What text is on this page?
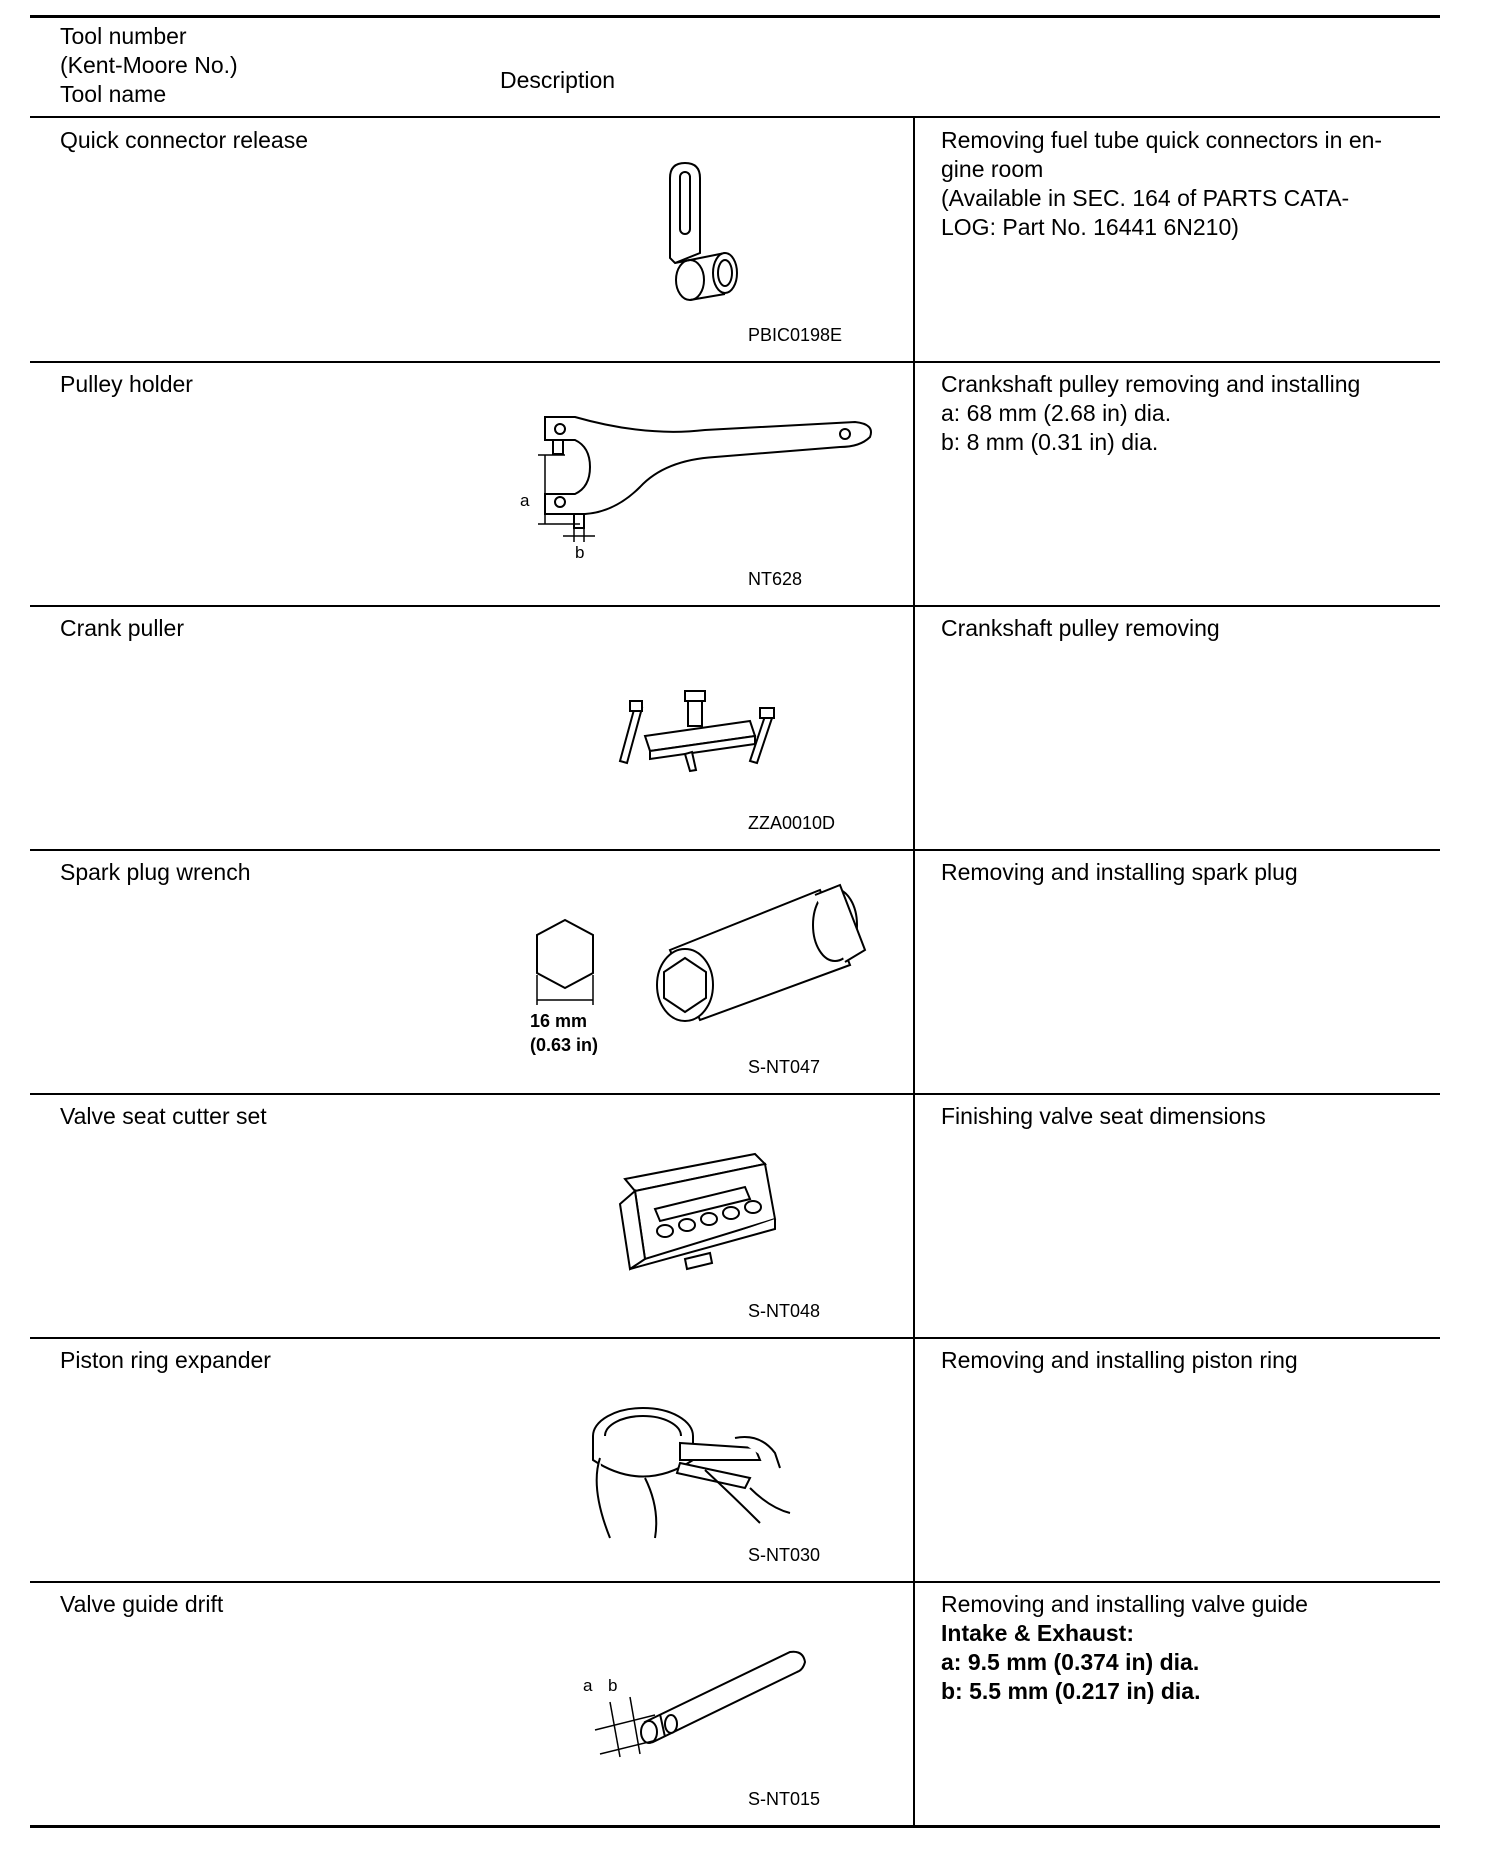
Tool number
(Kent-Moore No.)
Tool name
Description
Quick connector release
PBIC0198E
Removing fuel tube quick connectors in en-
gine room
(Available in SEC. 164 of PARTS CATA-
LOG: Part No. 16441 6N210)
Pulley holder
a
b
NT628
Crankshaft pulley removing and installing
a: 68 mm (2.68 in) dia.
b: 8 mm (0.31 in) dia.
Crank puller
ZZA0010D
Crankshaft pulley removing
Spark plug wrench
16 mm
(0.63 in)
S-NT047
Removing and installing spark plug
Valve seat cutter set
S-NT048
Finishing valve seat dimensions
Piston ring expander
S-NT030
Removing and installing piston ring
Valve guide drift
a b
S-NT015
Removing and installing valve guide
Intake & Exhaust:
a: 9.5 mm (0.374 in) dia.
b: 5.5 mm (0.217 in) dia.
